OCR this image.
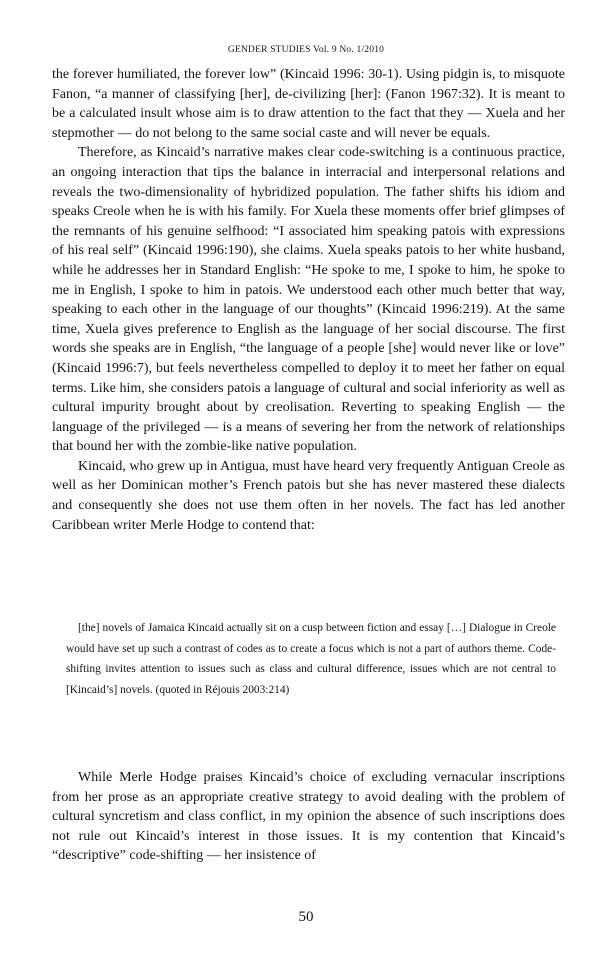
GENDER STUDIES Vol. 9 No. 1/2010

the forever humiliated, the forever low” (Kincaid 1996: 30-1). Using pidgin is, to misquote Fanon, “a manner of classifying [her], de-civilizing [her]: (Fanon 1967:32). It is meant to be a calculated insult whose aim is to draw attention to the fact that they — Xuela and her stepmother — do not belong to the same social caste and will never be equals.

Therefore, as Kincaid’s narrative makes clear code-switching is a continuous practice, an ongoing interaction that tips the balance in interracial and interpersonal relations and reveals the two-dimensionality of hybridized population. The father shifts his idiom and speaks Creole when he is with his family. For Xuela these moments offer brief glimpses of the remnants of his genuine selfhood: “I associated him speaking patois with expressions of his real self” (Kincaid 1996:190), she claims. Xuela speaks patois to her white husband, while he addresses her in Standard English: “He spoke to me, I spoke to him, he spoke to me in English, I spoke to him in patois. We understood each other much better that way, speaking to each other in the language of our thoughts” (Kincaid 1996:219). At the same time, Xuela gives preference to English as the language of her social discourse. The first words she speaks are in English, “the language of a people [she] would never like or love” (Kincaid 1996:7), but feels nevertheless compelled to deploy it to meet her father on equal terms. Like him, she considers patois a language of cultural and social inferiority as well as cultural impurity brought about by creolisation. Reverting to speaking English — the language of the privileged — is a means of severing her from the network of relationships that bound her with the zombie-like native population.

Kincaid, who grew up in Antigua, must have heard very frequently Antiguan Creole as well as her Dominican mother’s French patois but she has never mastered these dialects and consequently she does not use them often in her novels. The fact has led another Caribbean writer Merle Hodge to contend that:

[the] novels of Jamaica Kincaid actually sit on a cusp between fiction and essay […] Dialogue in Creole would have set up such a contrast of codes as to create a focus which is not a part of authors theme. Code-shifting invites attention to issues such as class and cultural difference, issues which are not central to [Kincaid’s] novels. (quoted in Réjouis 2003:214)

While Merle Hodge praises Kincaid’s choice of excluding vernacular inscriptions from her prose as an appropriate creative strategy to avoid dealing with the problem of cultural syncretism and class conflict, in my opinion the absence of such inscriptions does not rule out Kincaid’s interest in those issues. It is my contention that Kincaid’s “descriptive” code-shifting — her insistence of

50
